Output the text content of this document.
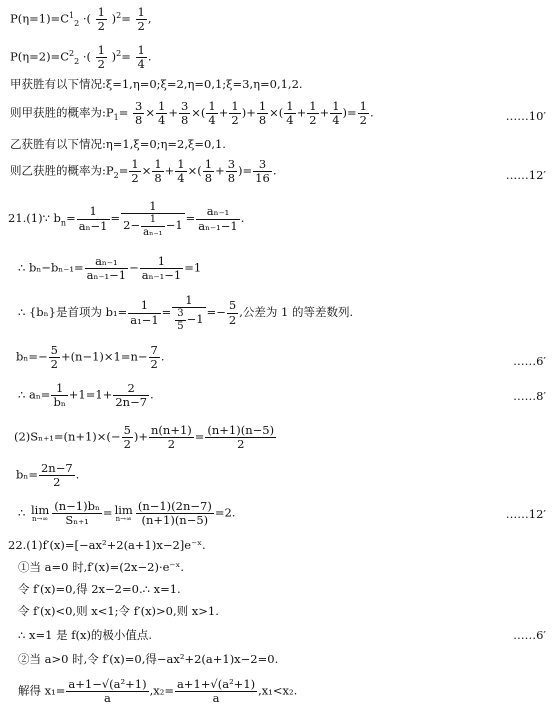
$P(\eta=1)=C^1_2$ ·( $\frac{1}{2} )^2= \frac{1}{2}$ ,
$P(\eta=2)=C^2_2$ ·( $\frac{1}{2} )^2= \frac{1}{4}$ .
甲获胜有以下情况:ξ=1,η=0;ξ=2,η=0,1;ξ=3,η=0,1,2.
则甲获胜的概率为$:P_1= \frac{3}{8} \times \frac{1}{4} + \frac{3}{8}$ ×( $\frac{1}{4} + \frac{1}{2}$ )+ $\frac{1}{8}$ ×( $\frac{1}{4} + \frac{1}{2} + \frac{1}{4}$ )= $\frac{1}{2}$ .	……10′
乙获胜有以下情况:η=1,ξ=0;η=2,ξ=0,1.
则乙获胜的概率为$:P_2= \frac{1}{2} \times \frac{1}{8} + \frac{1}{4}$ ×( $\frac{1}{8} + \frac{3}{8}$ )= $\frac{3}{16}$ .	……12′
21.(1)∵ $b_n= \frac{1}{\text{aₙ−1}} = \frac{1}{2- \frac{1}{\text{aₙ₋₁}} -1} = \frac{\text{aₙ₋₁}}{\text{aₙ₋₁−1}}$ .
∴ $b_n-b_{n-1}= \frac{\text{aₙ₋₁}}{\text{aₙ₋₁−1}} - \frac{1}{\text{aₙ₋₁−1}} =1$
∴ {bₙ}是首项为 $b_1= \frac{1}{\text{a₁−1}} = \frac{1}{\frac{3}{5} -1} =- \frac{5}{2}$ ,公差为 1 的等差数列.
$b_n=- \frac{5}{2} +(n-1)\times 1=n- \frac{7}{2}$ .	……6′
∴ $a_n= \frac{1}{\text{bₙ}} +1=1+ \frac{2}{2n-7}$ .	……8′
$(2)S_{n+1}=(n+1)\times(- \frac{5}{2}$ )+ $\frac{n(n+1)}{2} = \frac{(n+1)(n-5)}{2}$
$b_n= \frac{2n-7}{2}$ .
∴ lim
$n\to\infty \frac{\text{(n−1)bₙ}}{\text{Sₙ₊₁}} = \lim$
$n\to\infty \frac{(n-1)(2n-7)}{(n+1)(n-5)} =2$.	……12′
22.(1)f′(x)=[−ax²+2(a+1)x−2]e⁻ˣ.
①当 a=0 时,f′(x)=(2x−2)·e⁻ˣ.
令 f′(x)=0,得 2x−2=0.∴ x=1.
令 f′(x)<0,则 x<1;令 f′(x)>0,则 x>1.
∴ x=1 是 f(x)的极小值点.	……6′
②当 a>0 时,令 f′(x)=0,得−ax²+2(a+1)x−2=0.
解得 $x_1= \frac{\text{a+1−√(a²+1)}}{a} ,x_2= \frac{\text{a+1+√(a²+1)}}{a} ,x_1<x_2$.
